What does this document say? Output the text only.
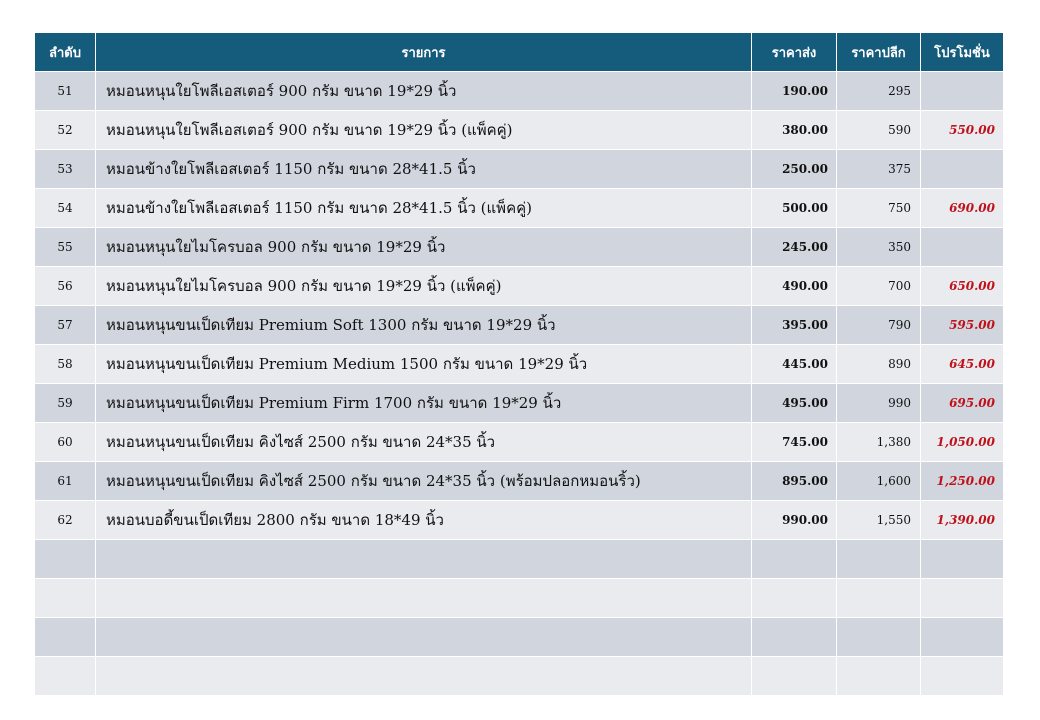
ลำดับ	รายการ	ราคาส่ง	ราคาปลีก	โปรโมชั่น
51	หมอนหนุนใยโพลีเอสเตอร์ 900 กรัม ขนาด 19*29 นิ้ว	190.00	295	
52	หมอนหนุนใยโพลีเอสเตอร์ 900 กรัม ขนาด 19*29 นิ้ว (แพ็คคู่)	380.00	590	550.00
53	หมอนข้างใยโพลีเอสเตอร์ 1150 กรัม ขนาด 28*41.5 นิ้ว	250.00	375	
54	หมอนข้างใยโพลีเอสเตอร์ 1150 กรัม ขนาด 28*41.5 นิ้ว (แพ็คคู่)	500.00	750	690.00
55	หมอนหนุนใยไมโครบอล 900 กรัม ขนาด 19*29 นิ้ว	245.00	350	
56	หมอนหนุนใยไมโครบอล 900 กรัม ขนาด 19*29 นิ้ว (แพ็คคู่)	490.00	700	650.00
57	หมอนหนุนขนเป็ดเทียม Premium Soft 1300 กรัม ขนาด 19*29 นิ้ว	395.00	790	595.00
58	หมอนหนุนขนเป็ดเทียม Premium Medium 1500 กรัม ขนาด 19*29 นิ้ว	445.00	890	645.00
59	หมอนหนุนขนเป็ดเทียม Premium Firm 1700 กรัม ขนาด 19*29 นิ้ว	495.00	990	695.00
60	หมอนหนุนขนเป็ดเทียม คิงไซส์ 2500 กรัม ขนาด 24*35 นิ้ว	745.00	1,380	1,050.00
61	หมอนหนุนขนเป็ดเทียม คิงไซส์ 2500 กรัม ขนาด 24*35 นิ้ว (พร้อมปลอกหมอนริ้ว)	895.00	1,600	1,250.00
62	หมอนบอดี้ขนเป็ดเทียม 2800 กรัม ขนาด 18*49 นิ้ว	990.00	1,550	1,390.00
